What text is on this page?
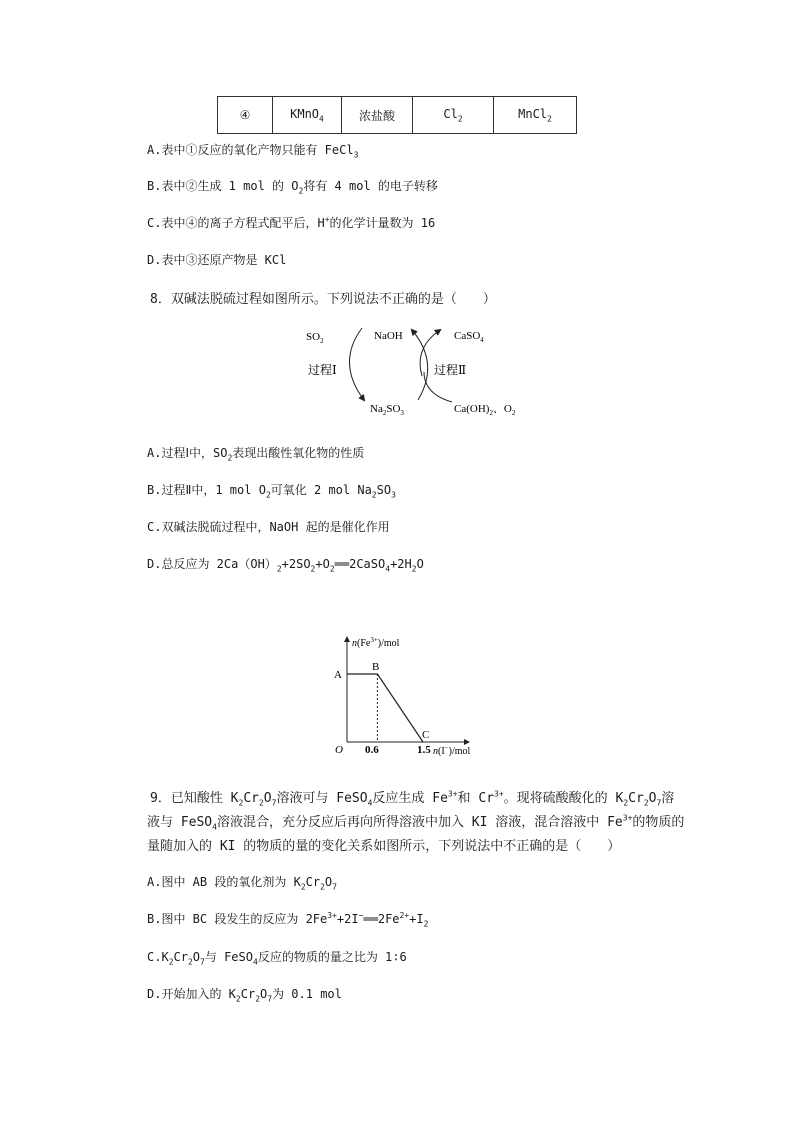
④	KMnO$_4$	浓盐酸	$Cl_2$	MnCl$_2$
A.表中①反应的氧化产物只能有 FeCl$_3$
B.表中②生成 1 mol 的 $O_2$将有 4 mol 的电子转移
C.表中④的离子方程式配平后，H+的化学计量数为 16
D.表中③还原产物是 KCl
8．双碱法脱硫过程如图所示。下列说法不正确的是（　　）
$SO_2$	NaOH	CaSO$_4$
过程Ⅰ	过程Ⅱ
$Na_2SO_3$	$Ca(OH)_2$、$O_2$
A.过程Ⅰ中，$SO_2$表现出酸性氧化物的性质
B.过程Ⅱ中，1 mol $O_2$可氧化 2 mol $Na_2SO_3$
C.双碱法脱硫过程中，NaOH 起的是催化作用
D.总反应为 $2Ca(OH)_2+2SO_2+O_2══2CaSO_4+2H_2O$
$n(Fe^{3+})$/mol
n(I−)/mol
O
A
B
C
0.6	1.5
9．已知酸性 $K_2Cr_2O_7$溶液可与 FeSO$_4$反应生成 $Fe^{3+}$和 $Cr^{3+}$。现将硫酸酸化的 $K_2Cr_2O_7$溶
液与 FeSO$_4$溶液混合，充分反应后再向所得溶液中加入 KI 溶液，混合溶液中 $Fe^{3+}$的物质的
量随加入的 KI 的物质的量的变化关系如图所示，下列说法中不正确的是（　　）
A.图中 AB 段的氧化剂为 $K_2Cr_2O_7$
B.图中 BC 段发生的反应为 $2Fe^{3+}+2I^-══2Fe^{2+}+I_2$
$C.K_2Cr_2O_7$与 FeSO$_4$反应的物质的量之比为 1∶6
D.开始加入的 $K_2Cr_2O_7$为 0.1 mol
